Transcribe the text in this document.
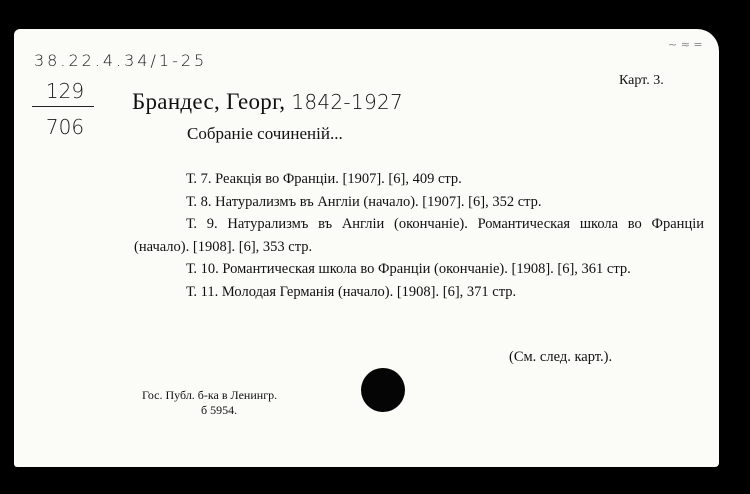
~ ≈ =
38.22.4.34/1-25
129
706
Карт. 3.
Брандес, Георг, 1842-1927
Собраніе сочиненій...

Т. 7. Реакція во Франціи. [1907]. [6], 409 стр.

Т. 8. Натурализмъ въ Англіи (начало). [1907]. [6], 352 стр.

Т. 9. Натурализмъ въ Англіи (окончаніе). Романтическая школа во Франціи (начало). [1908]. [6], 353 стр.

Т. 10. Романтическая школа во Франціи (окончаніе). [1908]. [6], 361 стр.

Т. 11. Молодая Германія (начало). [1908]. [6], 371 стр.

(См. след. карт.).
Гос. Публ. б-ка в Ленингр.
б 5954.
